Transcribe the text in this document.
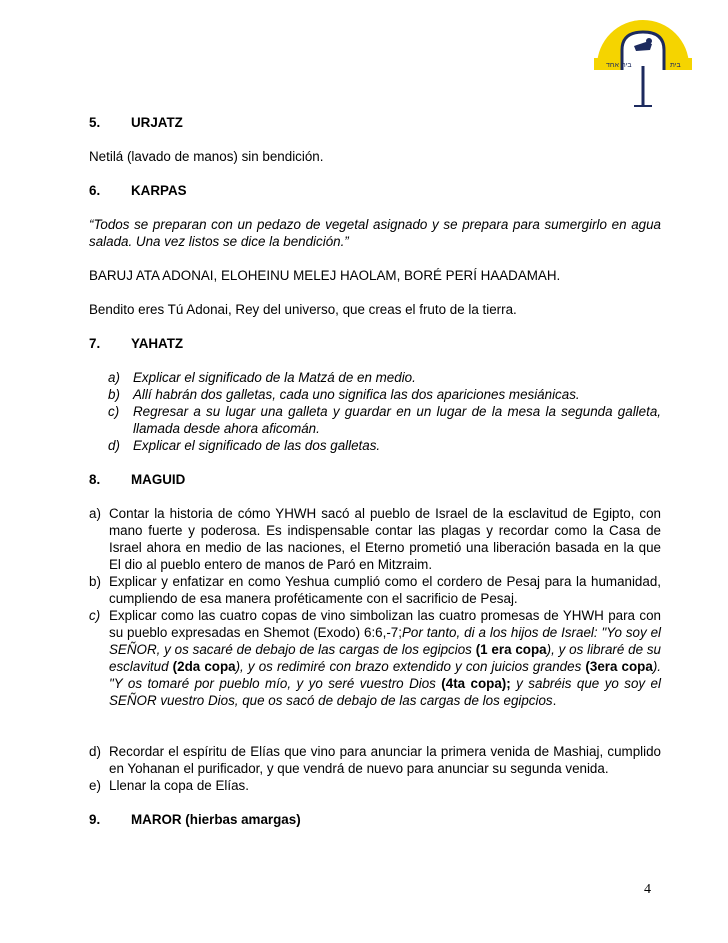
בית אחד	בית
5. URJATZ

Netilá (lavado de manos) sin bendición.

6. KARPAS

“Todos se preparan con un pedazo de vegetal asignado y se prepara para sumergirlo en agua salada. Una vez listos se dice la bendición.”

BARUJ ATA ADONAI, ELOHEINU MELEJ HAOLAM, BORÉ PERÍ HAADAMAH.

Bendito eres Tú Adonai, Rey del universo, que creas el fruto de la tierra.

7. YAHATZ
a) Explicar el significado de la Matzá de en medio.
b) Allí habrán dos galletas, cada uno significa las dos apariciones mesiánicas.
c) Regresar a su lugar una galleta y guardar en un lugar de la mesa la segunda galleta, llamada desde ahora aficomán.
d) Explicar el significado de las dos galletas.
8. MAGUID
a) Contar la historia de cómo YHWH sacó al pueblo de Israel de la esclavitud de Egipto, con mano fuerte y poderosa. Es indispensable contar las plagas y recordar como la Casa de Israel ahora en medio de las naciones, el Eterno prometió una liberación basada en la que El dio al pueblo entero de manos de Paró en Mitzraim.
b) Explicar y enfatizar en como Yeshua cumplió como el cordero de Pesaj para la humanidad, cumpliendo de esa manera proféticamente con el sacrificio de Pesaj.
c) Explicar como las cuatro copas de vino simbolizan las cuatro promesas de YHWH para con su pueblo expresadas en Shemot (Exodo) 6:6,-7;Por tanto, di a los hijos de Israel: "Yo soy el SEÑOR, y os sacaré de debajo de las cargas de los egipcios (1 era copa), y os libraré de su esclavitud (2da copa), y os redimiré con brazo extendido y con juicios grandes (3era copa). "Y os tomaré por pueblo mío, y yo seré vuestro Dios (4ta copa); y sabréis que yo soy el SEÑOR vuestro Dios, que os sacó de debajo de las cargas de los egipcios.
d) Recordar el espíritu de Elías que vino para anunciar la primera venida de Mashiaj, cumplido en Yohanan el purificador, y que vendrá de nuevo para anunciar su segunda venida.
e) Llenar la copa de Elías.
9. MAROR (hierbas amargas)
4
